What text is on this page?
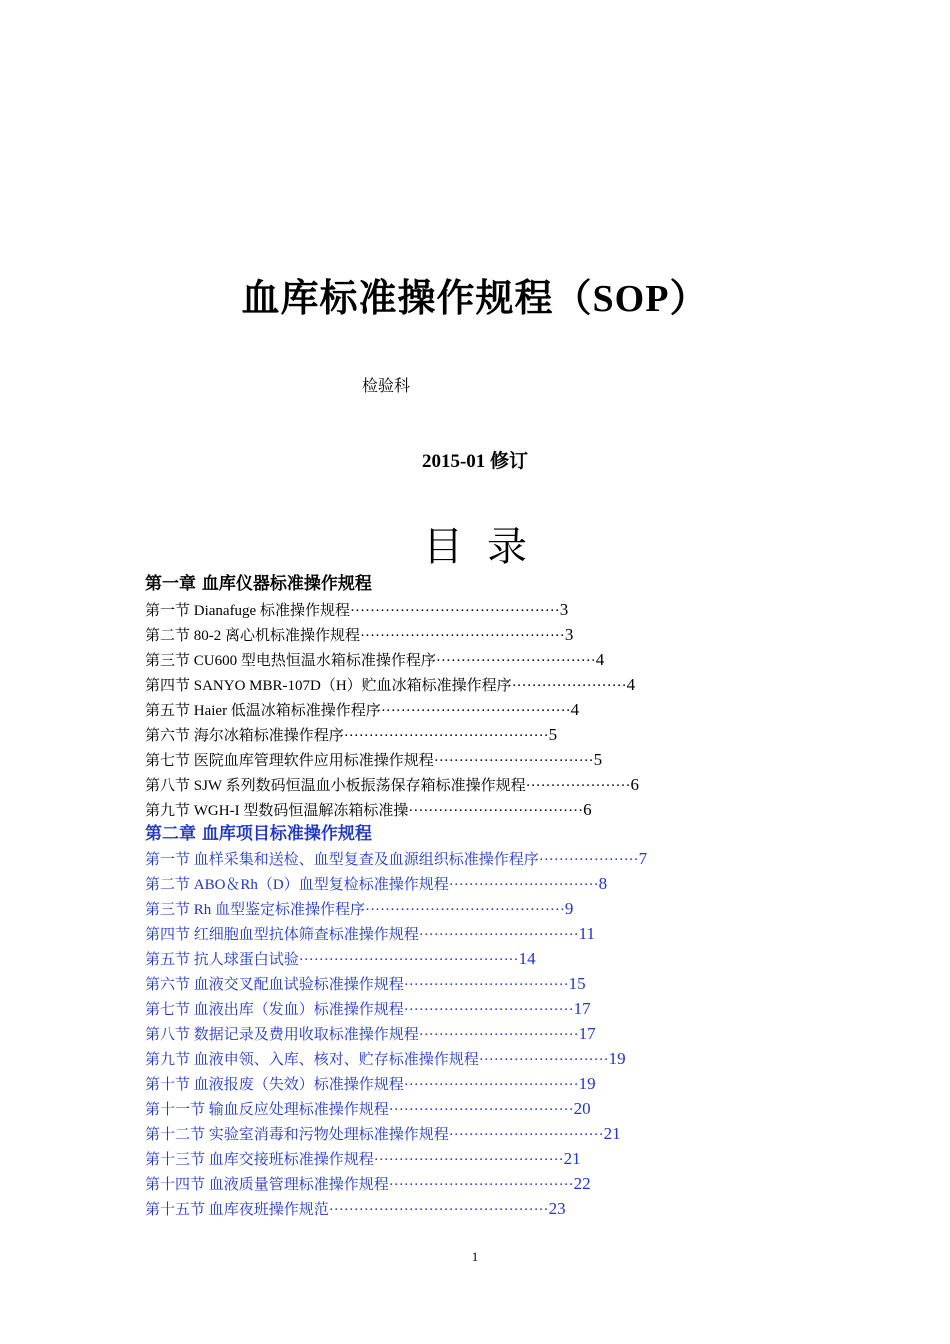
血库标准操作规程（SOP）
检验科
2015-01 修订
目录
第一章 血库仪器标准操作规程
第一节 Dianafuge 标准操作规程··········································3
第二节 80-2 离心机标准操作规程·········································3
第三节 CU600 型电热恒温水箱标准操作程序································4
第四节 SANYO MBR-107D（H）贮血冰箱标准操作程序·······················4
第五节 Haier 低温冰箱标准操作程序······································4
第六节 海尔冰箱标准操作程序·········································5
第七节 医院血库管理软件应用标准操作规程································5
第八节 SJW 系列数码恒温血小板振荡保存箱标准操作规程·····················6
第九节 WGH-I 型数码恒温解冻箱标准操···································6
第二章 血库项目标准操作规程
第一节 血样采集和送检、血型复查及血源组织标准操作程序····················7
第二节 ABO＆Rh（D）血型复检标准操作规程······························8
第三节 Rh 血型鉴定标准操作程序········································9
第四节 红细胞血型抗体筛查标准操作规程································11
第五节 抗人球蛋白试验············································14
第六节 血液交叉配血试验标准操作规程·································15
第七节 血液出库（发血）标准操作规程··································17
第八节 数据记录及费用收取标准操作规程································17
第九节 血液申领、入库、核对、贮存标准操作规程··························19
第十节 血液报废（失效）标准操作规程···································19
第十一节 输血反应处理标准操作规程·····································20
第十二节 实验室消毒和污物处理标准操作规程·······························21
第十三节 血库交接班标准操作规程······································21
第十四节 血液质量管理标准操作规程·····································22
第十五节 血库夜班操作规范············································23
1
